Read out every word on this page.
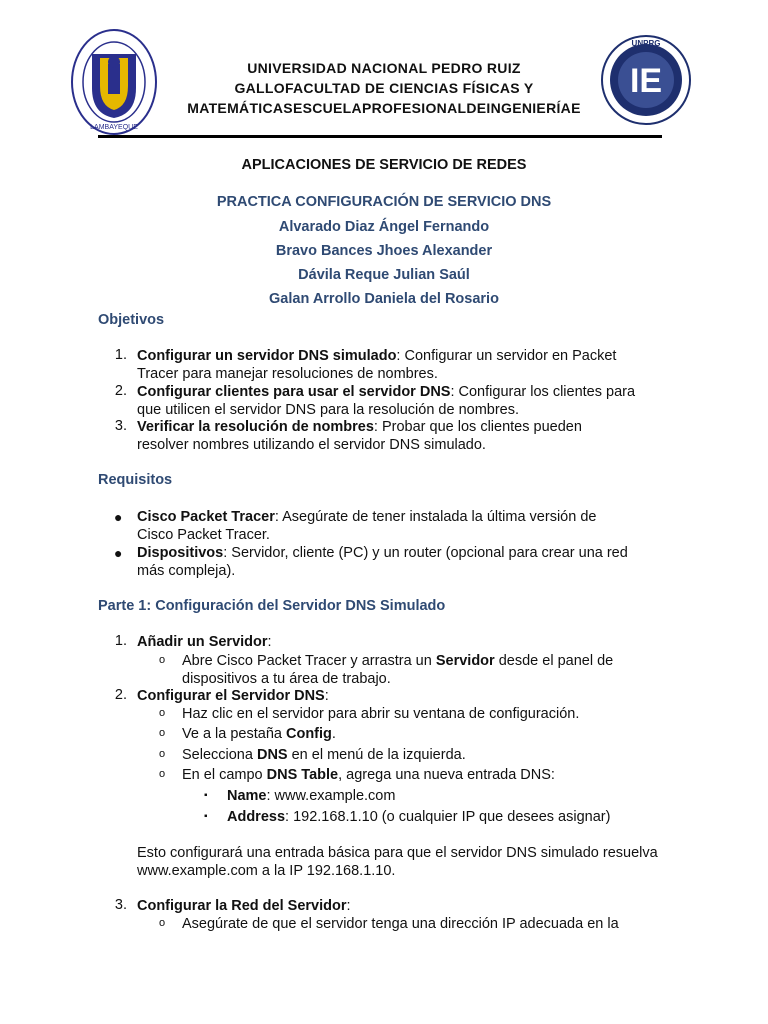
LAMBAYEQUE
IE
UNPRG
UNIVERSIDAD NACIONAL PEDRO RUIZ
GALLOFACULTAD DE CIENCIAS FÍSICAS Y
MATEMÁTICASESCUELAPROFESIONALDEINGENIERÍAE
APLICACIONES DE SERVICIO DE REDES
PRACTICA CONFIGURACIÓN DE SERVICIO DNS
Alvarado Diaz Ángel Fernando
Bravo Bances Jhoes Alexander
Dávila Reque Julian Saúl
Galan Arrollo Daniela del Rosario
Objetivos
1. Configurar un servidor DNS simulado: Configurar un servidor en Packet
Tracer para manejar resoluciones de nombres.
2. Configurar clientes para usar el servidor DNS: Configurar los clientes para
que utilicen el servidor DNS para la resolución de nombres.
3. Verificar la resolución de nombres: Probar que los clientes pueden
resolver nombres utilizando el servidor DNS simulado.
Requisitos
● Cisco Packet Tracer: Asegúrate de tener instalada la última versión de
Cisco Packet Tracer.
● Dispositivos: Servidor, cliente (PC) y un router (opcional para crear una red
más compleja).
Parte 1: Configuración del Servidor DNS Simulado
1. Añadir un Servidor:
o Abre Cisco Packet Tracer y arrastra un Servidor desde el panel de
dispositivos a tu área de trabajo.
2. Configurar el Servidor DNS:
o Haz clic en el servidor para abrir su ventana de configuración.
o Ve a la pestaña Config.
o Selecciona DNS en el menú de la izquierda.
o En el campo DNS Table, agrega una nueva entrada DNS:
▪ Name: www.example.com
▪ Address: 192.168.1.10 (o cualquier IP que desees asignar)
Esto configurará una entrada básica para que el servidor DNS simulado resuelva
www.example.com a la IP 192.168.1.10.
3. Configurar la Red del Servidor:
o Asegúrate de que el servidor tenga una dirección IP adecuada en la
